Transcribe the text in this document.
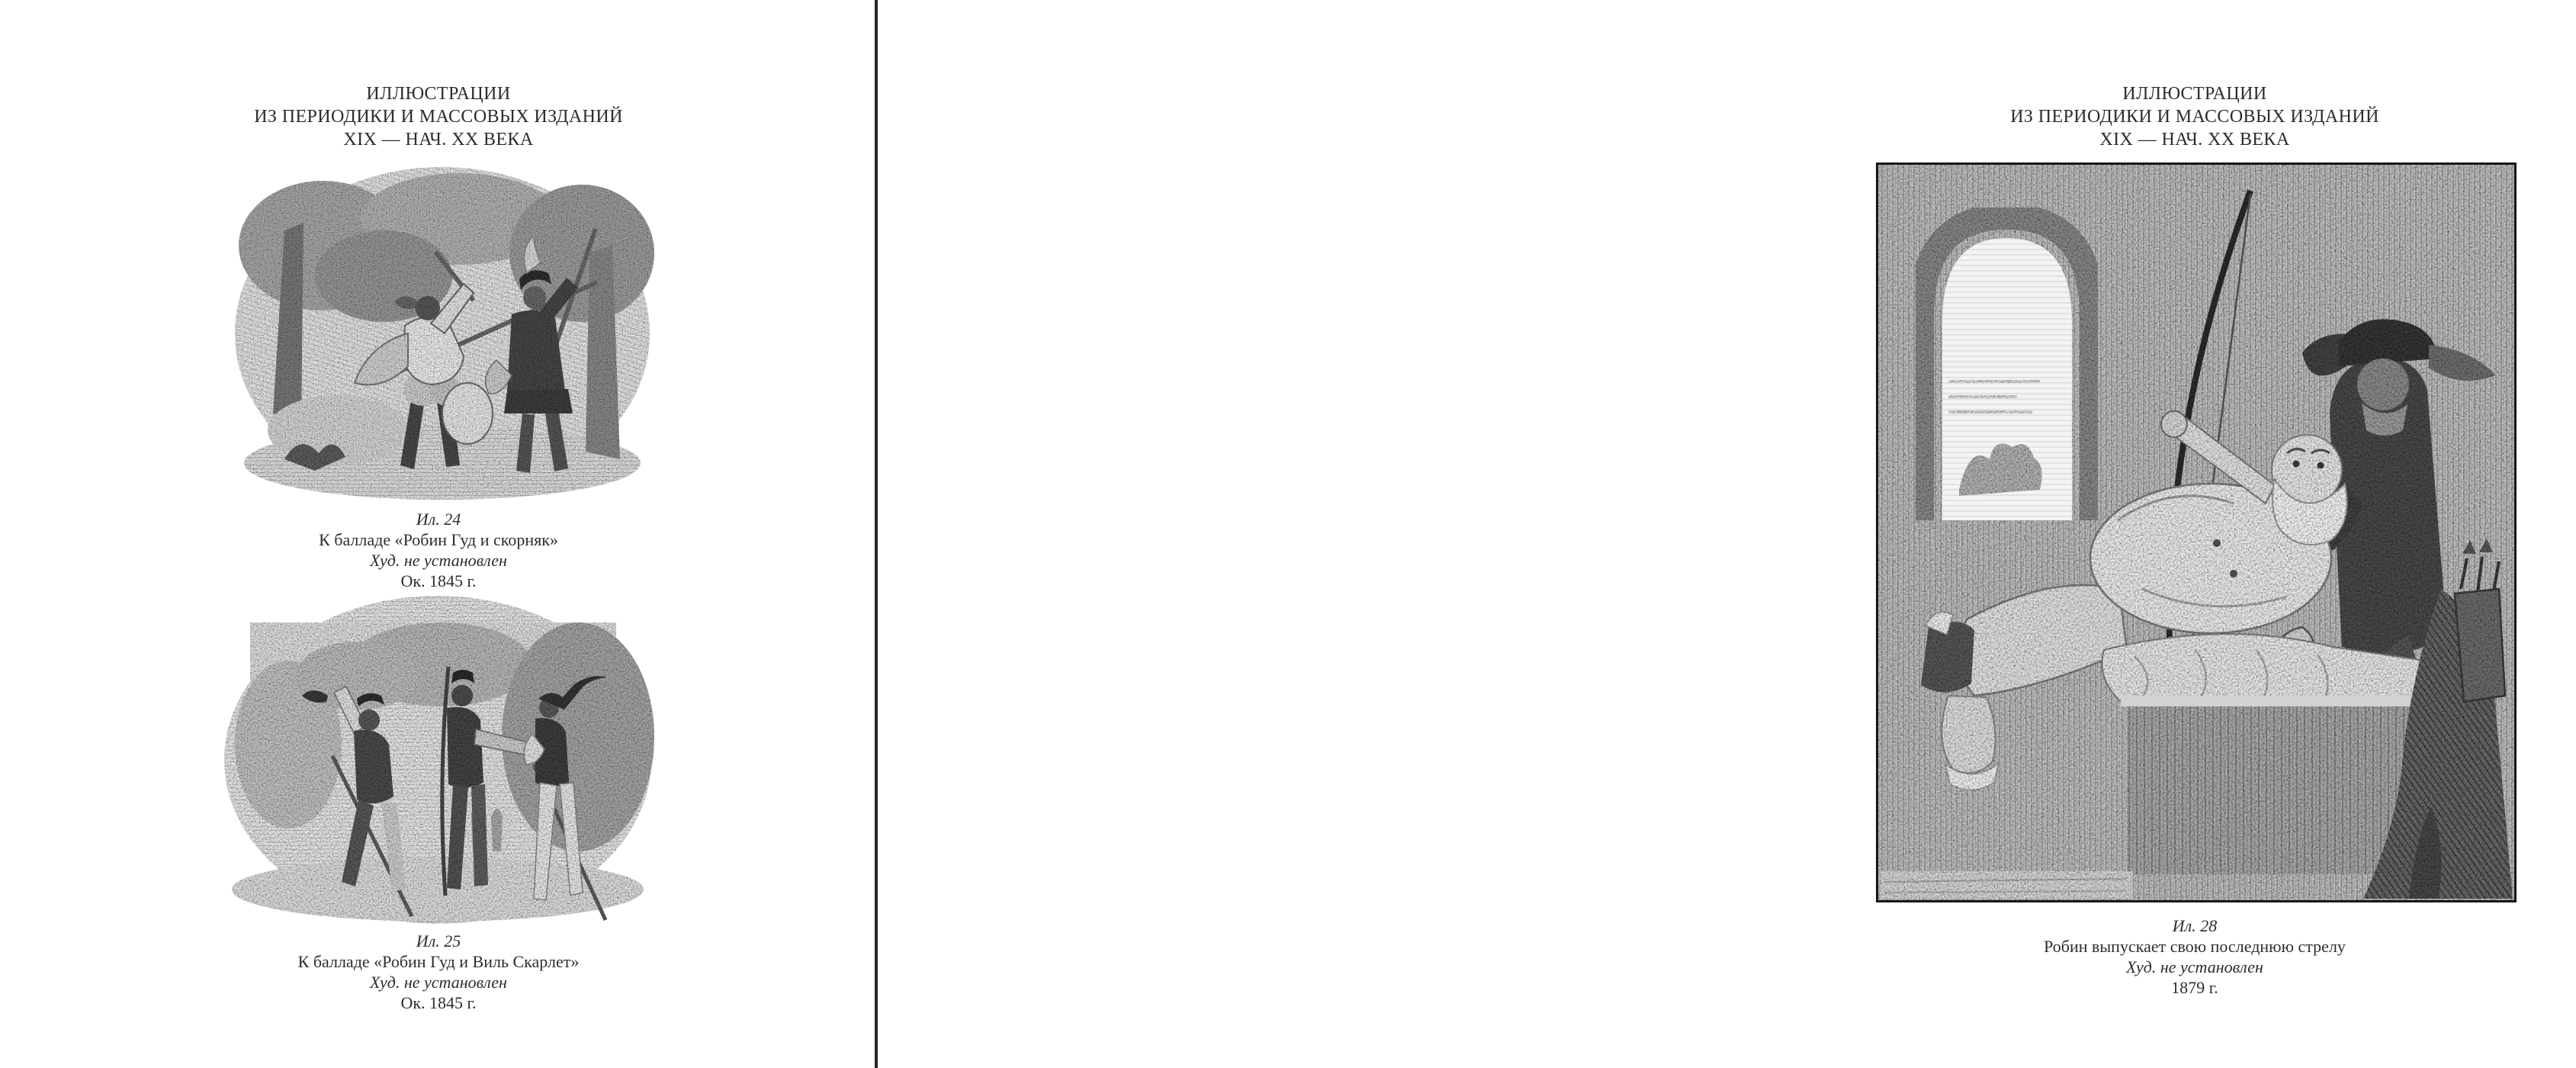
ИЛЛЮСТРАЦИИ
ИЗ ПЕРИОДИКИ И МАССОВЫХ ИЗДАНИЙ
XIX — НАЧ. XX ВЕКА
Ил. 24
К балладе «Робин Гуд и скорняк»
Худ. не установлен
Ок. 1845 г.
Ил. 25
К балладе «Робин Гуд и Виль Скарлет»
Худ. не установлен
Ок. 1845 г.
ИЛЛЮСТРАЦИИ
ИЗ ПЕРИОДИКИ И МАССОВЫХ ИЗДАНИЙ
XIX — НАЧ. XX ВЕКА
Ил. 28
Робин выпускает свою последнюю стрелу
Худ. не установлен
1879 г.
